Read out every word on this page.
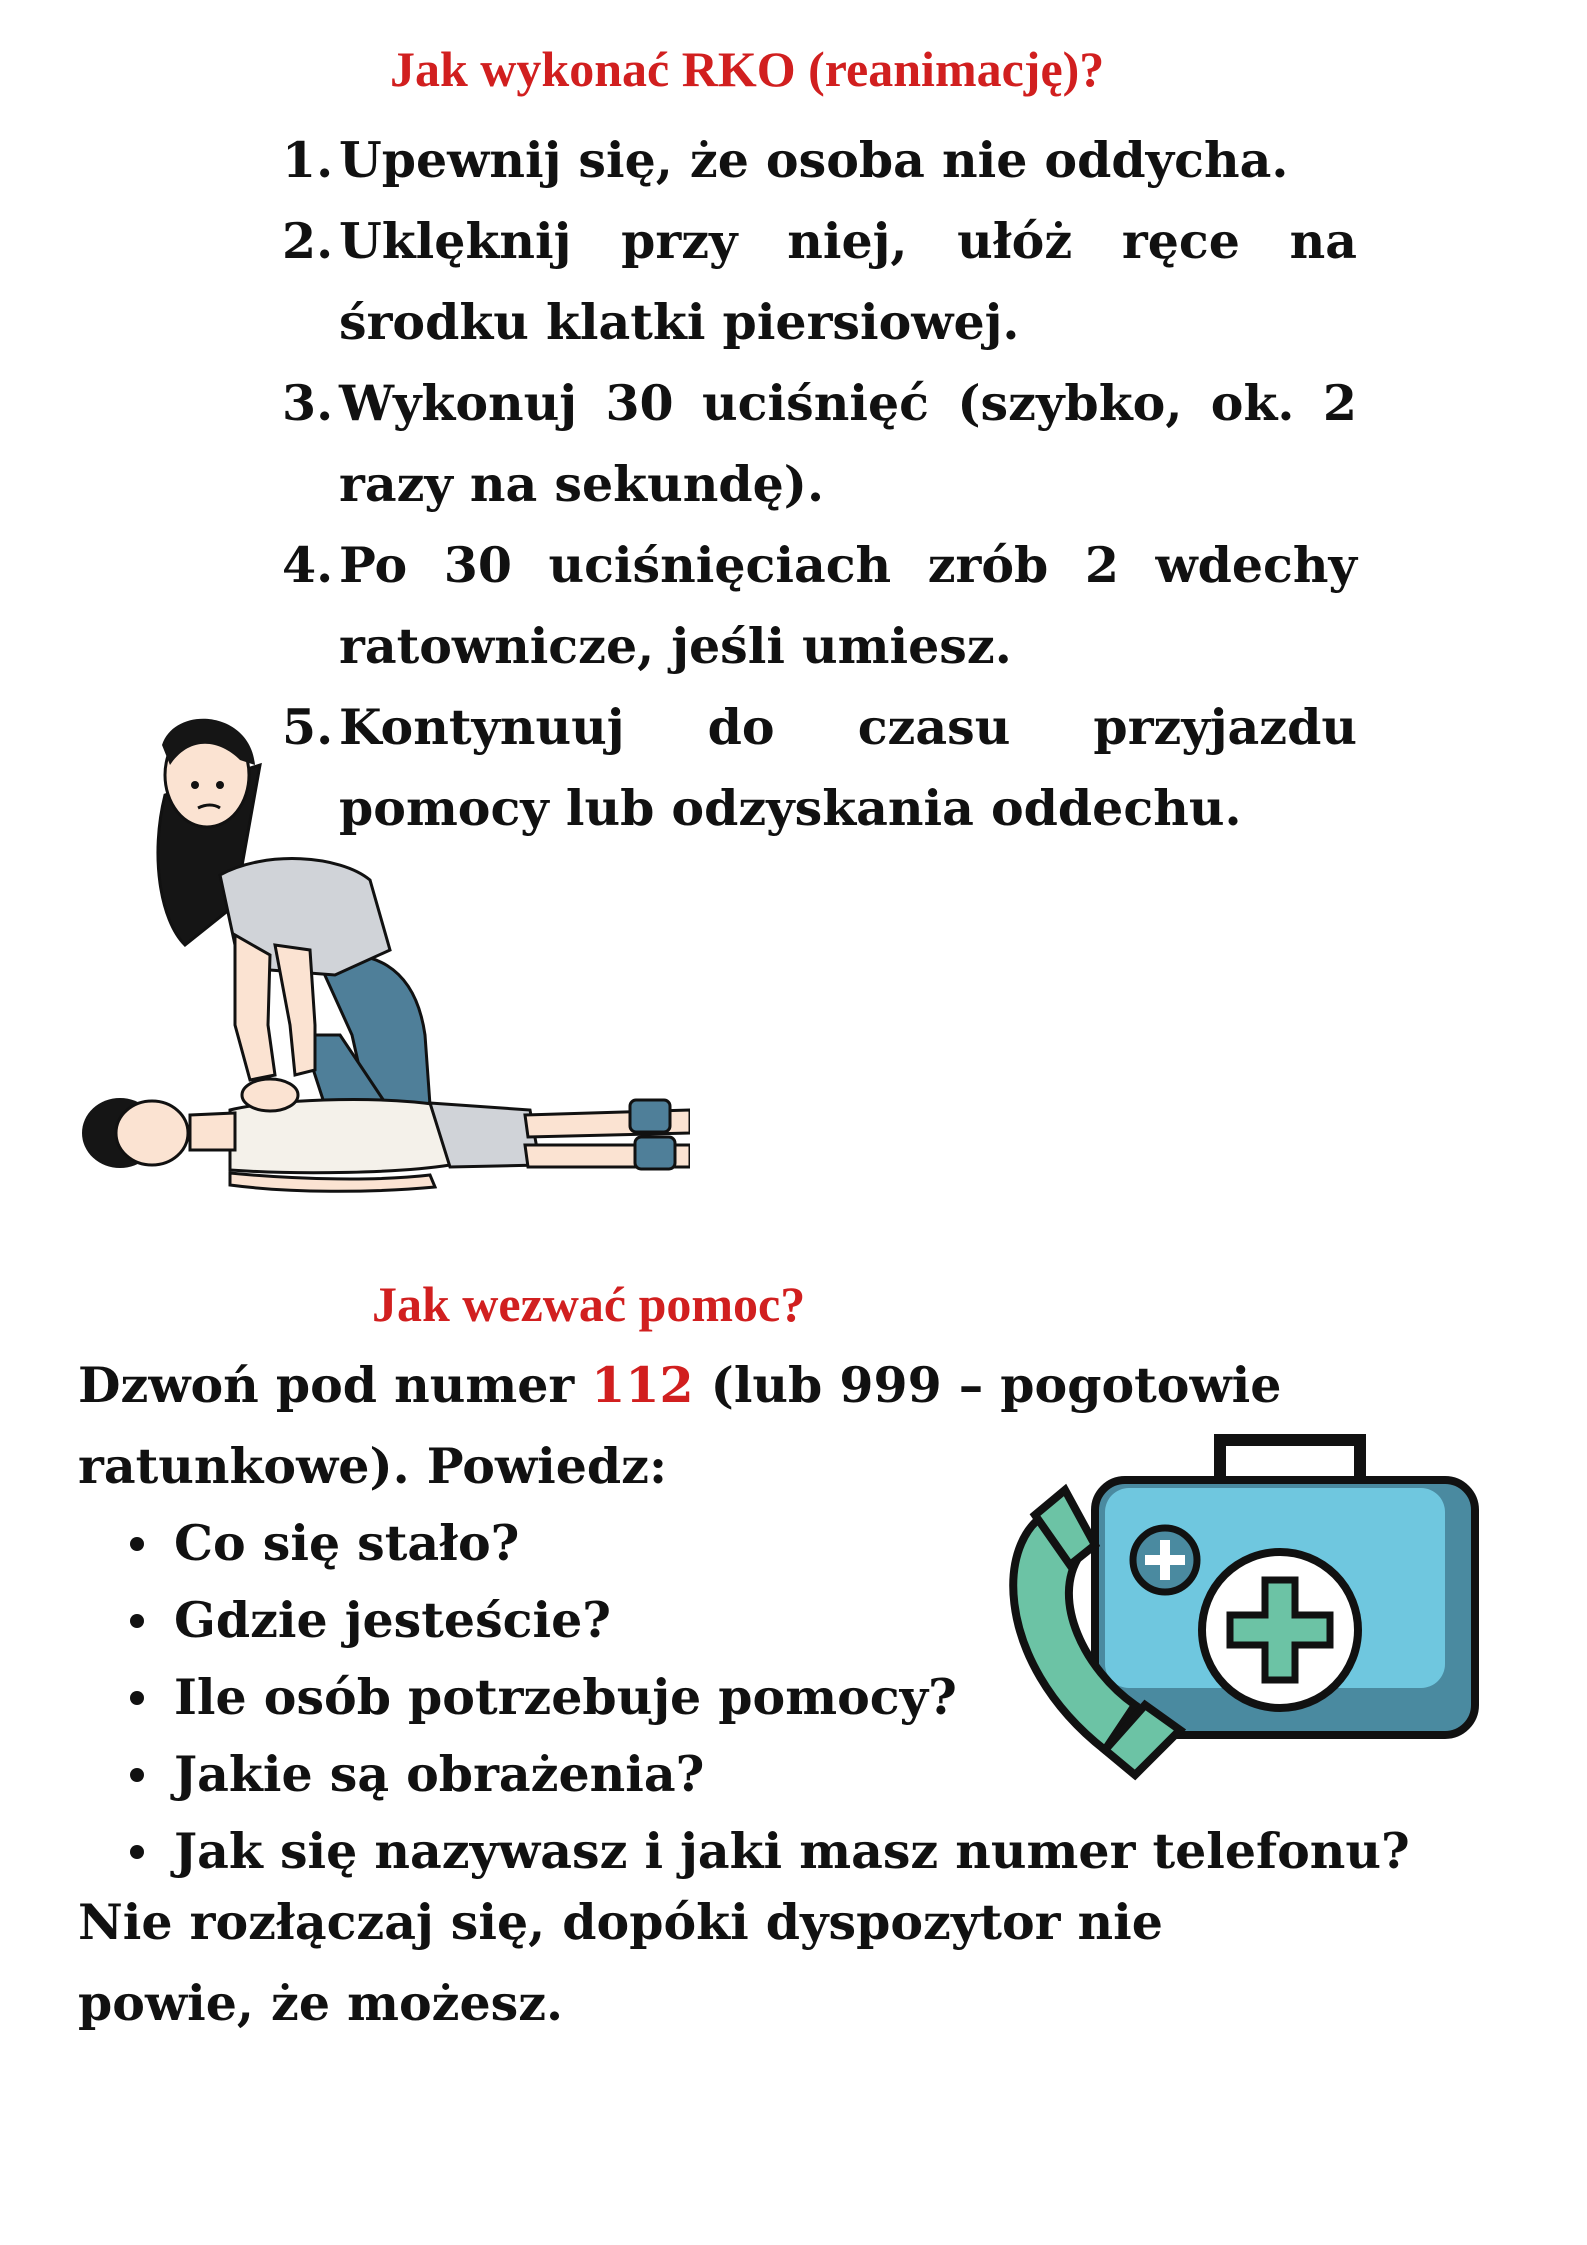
Jak wykonać RKO (reanimację)?
1. Upewnij się, że osoba nie oddycha.
2. Uklęknij przy niej, ułóż ręce na środku klatki piersiowej.
3. Wykonuj 30 uciśnięć (szybko, ok. 2 razy na sekundę).
4. Po 30 uciśnięciach zrób 2 wdechy ratownicze, jeśli umiesz.
5. Kontynuuj do czasu przyjazdu pomocy lub odzyskania oddechu.
Jak wezwać pomoc?

Dzwoń pod numer 112 (lub 999 – pogotowie ratunkowe). Powiedz:

Co się stało?
Gdzie jesteście?
Ile osób potrzebuje pomocy?
Jakie są obrażenia?
Jak się nazywasz i jaki masz numer telefonu?

Nie rozłączaj się, dopóki dyspozytor nie powie, że możesz.
